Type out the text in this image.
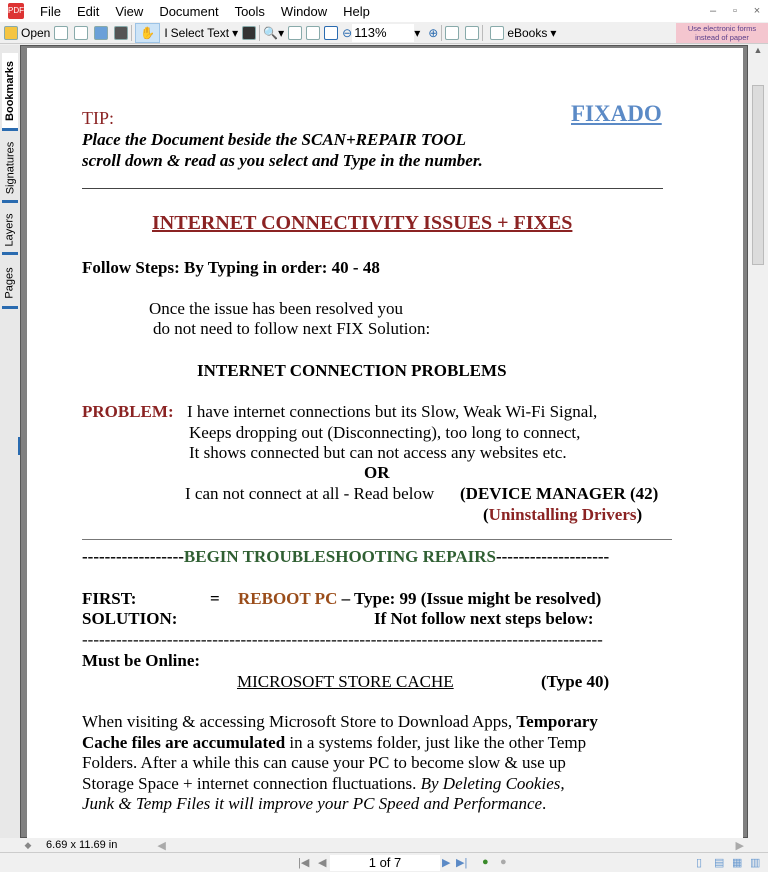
PDF	File	Edit	View	Document	Tools	Window	Help	–	▫	×
Open	✋ I Select Text ▾ 🔍 ▾	⊖
113%	▾ ⊕	eBooks ▾	Use electronic forms instead of paper
Bookmarks
Signatures
Layers
Pages
TIP:	FIXADO
Place the Document beside the SCAN+REPAIR TOOL
scroll down & read as you select and Type in the number.
INTERNET CONNECTIVITY ISSUES + FIXES
Follow Steps: By Typing in order: 40 - 48
Once the issue has been resolved you
do not need to follow next FIX Solution:
INTERNET CONNECTION PROBLEMS
PROBLEM: I have internet connections but its Slow, Weak Wi-Fi Signal,
Keeps dropping out (Disconnecting), too long to connect,
It shows connected but can not access any websites etc.
OR
I can not connect at all - Read below (DEVICE MANAGER (42)
(Uninstalling Drivers)
------------------BEGIN TROUBLESHOOTING REPAIRS--------------------
FIRST:	= REBOOT PC – Type: 99 (Issue might be resolved)
SOLUTION:	If Not follow next steps below:
--------------------------------------------------------------------------------------------
Must be Online:
MICROSOFT STORE CACHE	(Type 40)
When visiting & accessing Microsoft Store to Download Apps, Temporary
Cache files are accumulated in a systems folder, just like the other Temp
Folders. After a while this can cause your PC to become slow & use up
Storage Space + internet connection fluctuations. By Deleting Cookies,
Junk & Temp Files it will improve your PC Speed and Performance.
▲
◆	6.69 x 11.69 in	◀	▶
|◀ ◀	1 of 7	▶ ▶| ● ●	▯ ▤ ▦ ▥
